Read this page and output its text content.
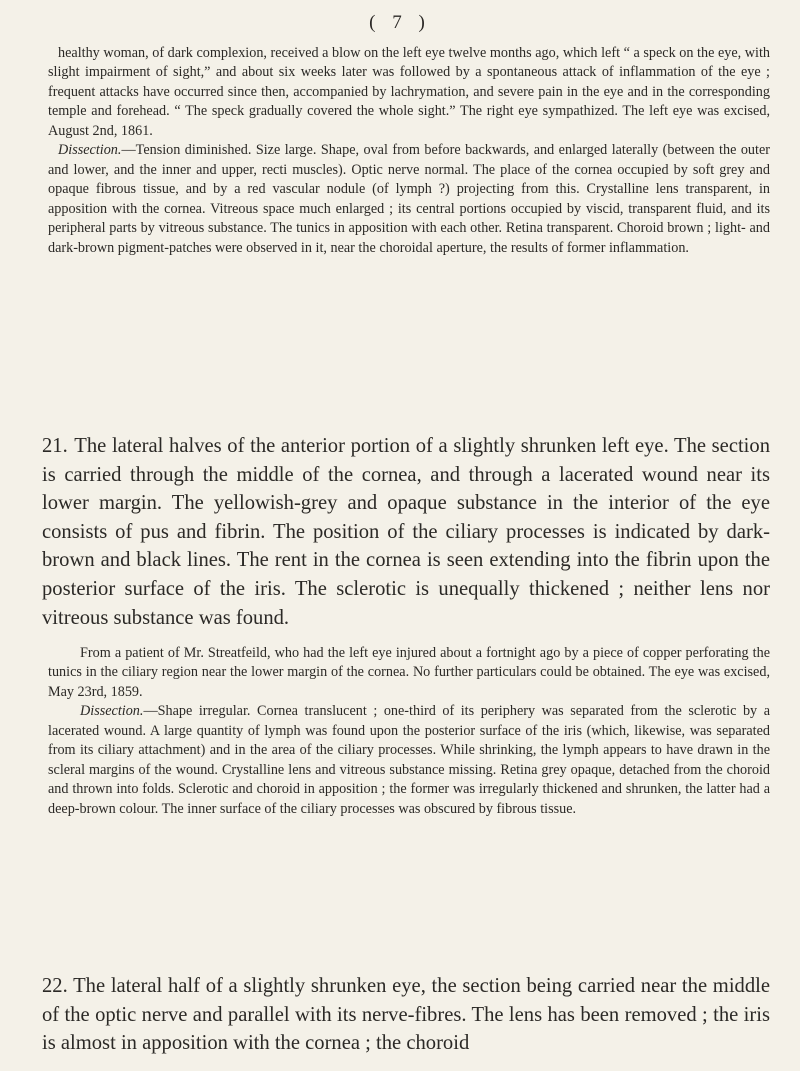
( 7 )

healthy woman, of dark complexion, received a blow on the left eye twelve months ago, which left “ a speck on the eye, with slight impairment of sight,” and about six weeks later was followed by a spontaneous attack of inflammation of the eye ; frequent attacks have occurred since then, accompanied by lachrymation, and severe pain in the eye and in the corresponding temple and forehead. “ The speck gradually covered the whole sight.” The right eye sympathized. The left eye was excised, August 2nd, 1861.

Dissection.—Tension diminished. Size large. Shape, oval from before backwards, and enlarged laterally (between the outer and lower, and the inner and upper, recti muscles). Optic nerve normal. The place of the cornea occupied by soft grey and opaque fibrous tissue, and by a red vascular nodule (of lymph ?) projecting from this. Crystalline lens transparent, in apposition with the cornea. Vitreous space much enlarged ; its central portions occupied by viscid, transparent fluid, and its peripheral parts by vitreous substance. The tunics in apposition with each other. Retina transparent. Choroid brown ; light- and dark-brown pigment-patches were observed in it, near the choroidal aperture, the results of former inflammation.

21. The lateral halves of the anterior portion of a slightly shrunken left eye. The section is carried through the middle of the cornea, and through a lacerated wound near its lower margin. The yellowish-grey and opaque substance in the interior of the eye consists of pus and fibrin. The position of the ciliary processes is indicated by dark-brown and black lines. The rent in the cornea is seen extending into the fibrin upon the posterior surface of the iris. The sclerotic is unequally thickened ; neither lens nor vitreous substance was found.

From a patient of Mr. Streatfeild, who had the left eye injured about a fortnight ago by a piece of copper perforating the tunics in the ciliary region near the lower margin of the cornea. No further particulars could be obtained. The eye was excised, May 23rd, 1859.

Dissection.—Shape irregular. Cornea translucent ; one-third of its periphery was separated from the sclerotic by a lacerated wound. A large quantity of lymph was found upon the posterior surface of the iris (which, likewise, was separated from its ciliary attachment) and in the area of the ciliary processes. While shrinking, the lymph appears to have drawn in the scleral margins of the wound. Crystalline lens and vitreous substance missing. Retina grey opaque, detached from the choroid and thrown into folds. Sclerotic and choroid in apposition ; the former was irregularly thickened and shrunken, the latter had a deep-brown colour. The inner surface of the ciliary processes was obscured by fibrous tissue.

22. The lateral half of a slightly shrunken eye, the section being carried near the middle of the optic nerve and parallel with its nerve-fibres. The lens has been removed ; the iris is almost in apposition with the cornea ; the choroid
